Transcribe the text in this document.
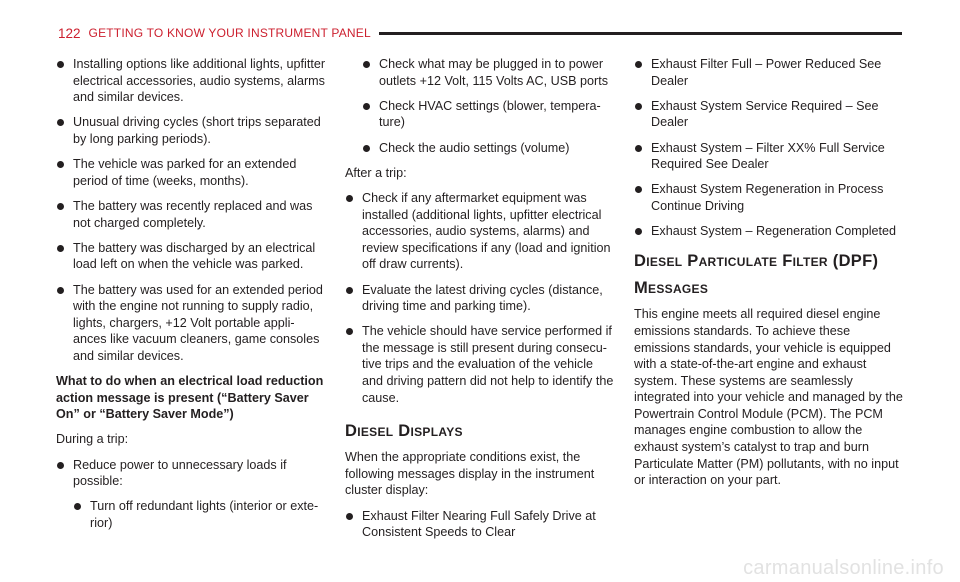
122 GETTING TO KNOW YOUR INSTRUMENT PANEL
Installing options like additional lights, upfitter electrical accessories, audio systems, alarms and similar devices.
Unusual driving cycles (short trips separated by long parking periods).
The vehicle was parked for an extended period of time (weeks, months).
The battery was recently replaced and was not charged completely.
The battery was discharged by an electrical load left on when the vehicle was parked.
The battery was used for an extended period with the engine not running to supply radio, lights, chargers, +12 Volt portable appli-ances like vacuum cleaners, game consoles and similar devices.
What to do when an electrical load reduction action message is present (“Battery Saver On” or “Battery Saver Mode”)
During a trip:
Reduce power to unnecessary loads if possible:
Turn off redundant lights (interior or exte-rior)
Check what may be plugged in to power outlets +12 Volt, 115 Volts AC, USB ports
Check HVAC settings (blower, tempera-ture)
Check the audio settings (volume)
After a trip:
Check if any aftermarket equipment was installed (additional lights, upfitter electrical accessories, audio systems, alarms) and review specifications if any (load and ignition off draw currents).
Evaluate the latest driving cycles (distance, driving time and parking time).
The vehicle should have service performed if the message is still present during consecu-tive trips and the evaluation of the vehicle and driving pattern did not help to identify the cause.
Diesel Displays
When the appropriate conditions exist, the following messages display in the instrument cluster display:
Exhaust Filter Nearing Full Safely Drive at Consistent Speeds to Clear
Exhaust Filter Full – Power Reduced See Dealer
Exhaust System Service Required – See Dealer
Exhaust System – Filter XX% Full Service Required See Dealer
Exhaust System Regeneration in Process Continue Driving
Exhaust System – Regeneration Completed
Diesel Particulate Filter (DPF)
Messages
This engine meets all required diesel engine emissions standards. To achieve these emissions standards, your vehicle is equipped with a state-of-the-art engine and exhaust system. These systems are seamlessly integrated into your vehicle and managed by the Powertrain Control Module (PCM). The PCM manages engine combustion to allow the exhaust system’s catalyst to trap and burn Particulate Matter (PM) pollutants, with no input or interaction on your part.
carmanualsonline.info
